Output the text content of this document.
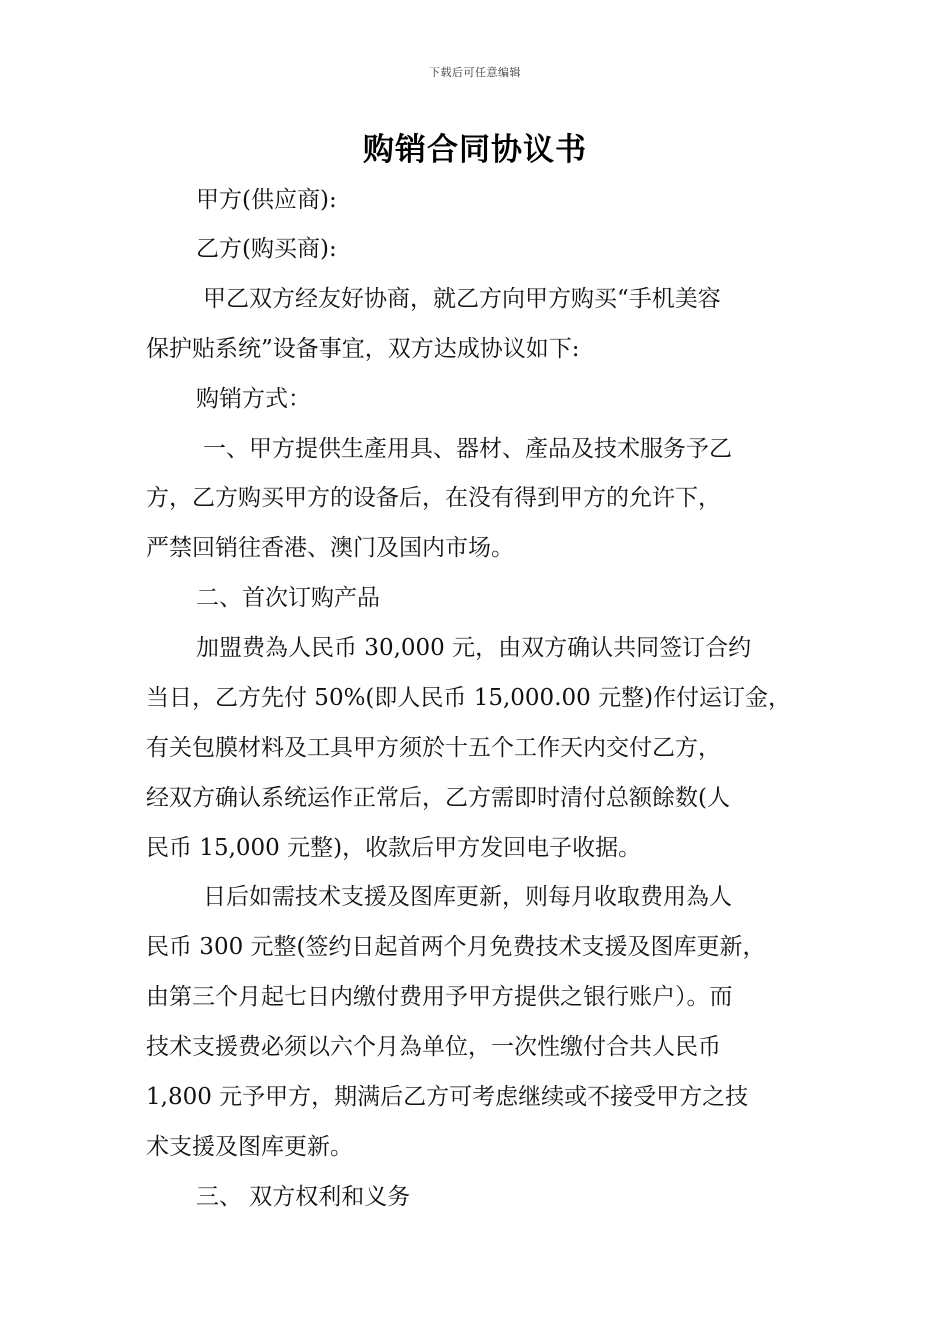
下载后可任意编辑
购销合同协议书
甲方(供应商):
乙方(购买商):
甲乙双方经友好协商，就乙方向甲方购买“手机美容
保护贴系统”设备事宜，双方达成协议如下:
购销方式：
一、甲方提供生產用具、器材、產品及技术服务予乙
方，乙方购买甲方的设备后，在没有得到甲方的允许下，
严禁回销往香港、澳门及国内市场。
二、首次订购产品
加盟费為人民币 30,000 元，由双方确认共同签订合约
当日，乙方先付 50%(即人民币 15,000.00 元整)作付运订金，
有关包膜材料及工具甲方须於十五个工作天内交付乙方，
经双方确认系统运作正常后，乙方需即时清付总额餘数(人
民币 15,000 元整)，收款后甲方发回电子收据。
日后如需技术支援及图库更新，则每月收取费用為人
民币 300 元整(签约日起首两个月免费技术支援及图库更新，
由第三个月起七日内缴付费用予甲方提供之银行账户）。而
技术支援费必须以六个月為单位，一次性缴付合共人民币
1,800 元予甲方，期满后乙方可考虑继续或不接受甲方之技
术支援及图库更新。
三、 双方权利和义务
